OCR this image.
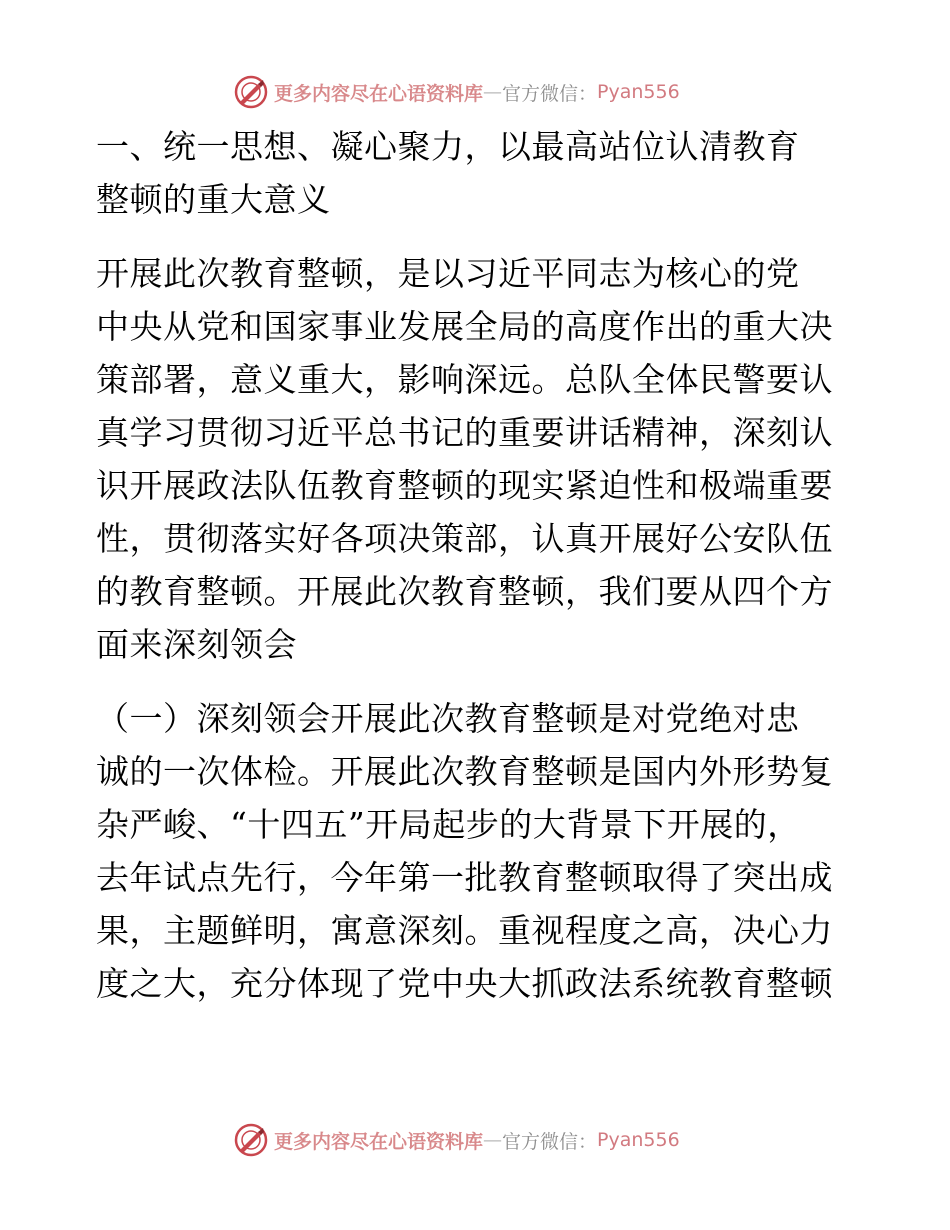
更多内容尽在心语资料库 — 官方微信： Pyan556
一、统一思想、凝心聚力，以最高站位认清教育
整顿的重大意义
开展此次教育整顿，是以习近平同志为核心的党
中央从党和国家事业发展全局的高度作出的重大决
策部署，意义重大，影响深远。总队全体民警要认
真学习贯彻习近平总书记的重要讲话精神，深刻认
识开展政法队伍教育整顿的现实紧迫性和极端重要
性，贯彻落实好各项决策部，认真开展好公安队伍
的教育整顿。开展此次教育整顿，我们要从四个方
面来深刻领会
（一）深刻领会开展此次教育整顿是对党绝对忠
诚的一次体检。开展此次教育整顿是国内外形势复
杂严峻、“十四五”开局起步的大背景下开展的，
去年试点先行，今年第一批教育整顿取得了突出成
果，主题鲜明，寓意深刻。重视程度之高，决心力
度之大，充分体现了党中央大抓政法系统教育整顿
更多内容尽在心语资料库 — 官方微信： Pyan556
